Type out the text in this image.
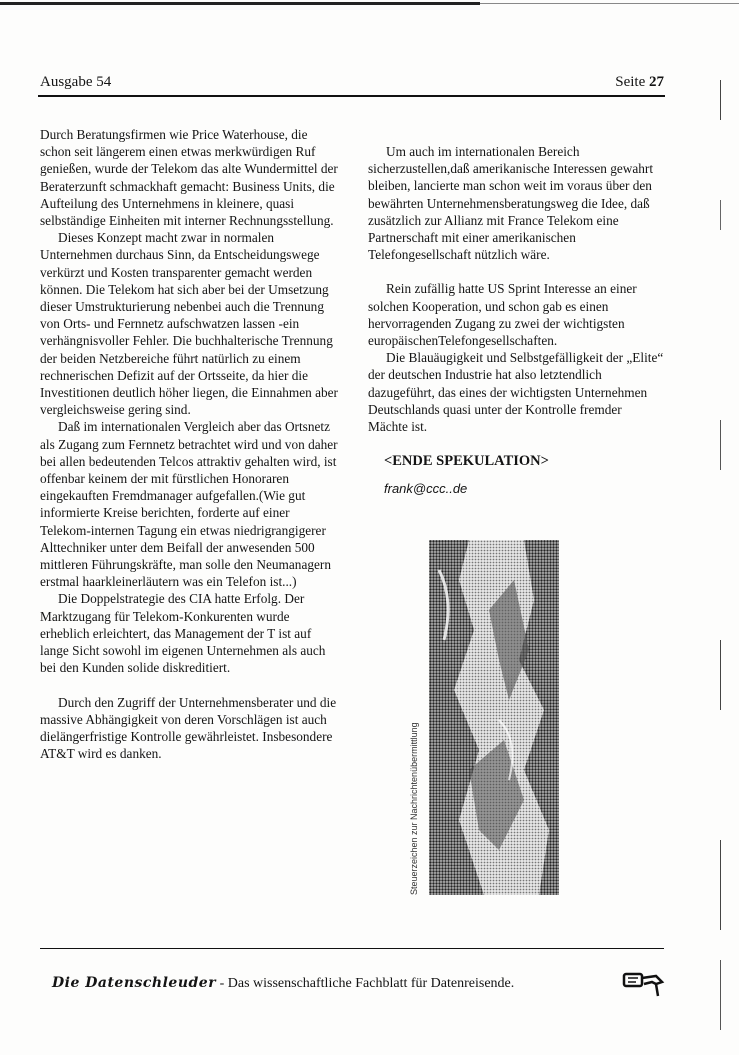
Ausgabe 54	Seite 27

Durch Beratungsfirmen wie Price Waterhouse, die schon seit längerem einen etwas merkwürdigen Ruf genießen, wurde der Telekom das alte Wundermittel der Beraterzunft schmackhaft gemacht: Business Units, die Aufteilung des Unternehmens in kleinere, quasi selbständige Einheiten mit interner Rechnungsstellung.

Dieses Konzept macht zwar in normalen Unternehmen durchaus Sinn, da Entscheidungswege verkürzt und Kosten transparenter gemacht werden können. Die Telekom hat sich aber bei der Umsetzung dieser Umstrukturierung nebenbei auch die Trennung von Orts- und Fernnetz aufschwatzen lassen -ein verhängnisvoller Fehler. Die buchhalterische Trennung der beiden Netzbereiche führt natürlich zu einem rechnerischen Defizit auf der Ortsseite, da hier die Investitionen deutlich höher liegen, die Einnahmen aber vergleichsweise gering sind.

Daß im internationalen Vergleich aber das Ortsnetz als Zugang zum Fernnetz betrachtet wird und von daher bei allen bedeutenden Telcos attraktiv gehalten wird, ist offenbar keinem der mit fürstlichen Honoraren eingekauften Fremdmanager aufgefallen.(Wie gut informierte Kreise berichten, forderte auf einer Telekom-internen Tagung ein etwas niedrigrangigerer Alttechniker unter dem Beifall der anwesenden 500 mittleren Führungskräfte, man solle den Neumanagern erstmal haarkleinerläutern was ein Telefon ist...)

Die Doppelstrategie des CIA hatte Erfolg. Der Marktzugang für Telekom-Konkurenten wurde erheblich erleichtert, das Management der T ist auf lange Sicht sowohl im eigenen Unternehmen als auch bei den Kunden solide diskreditiert.

Durch den Zugriff der Unternehmensberater und die massive Abhängigkeit von deren Vorschlägen ist auch dielängerfristige Kontrolle gewährleistet. Insbesondere AT&T wird es danken.

Um auch im internationalen Bereich sicherzustellen,daß amerikanische Interessen gewahrt bleiben, lancierte man schon weit im voraus über den bewährten Unternehmensberatungsweg die Idee, daß zusätzlich zur Allianz mit France Telekom eine Partnerschaft mit einer amerikanischen Telefongesellschaft nützlich wäre.

Rein zufällig hatte US Sprint Interesse an einer solchen Kooperation, und schon gab es einen hervorragenden Zugang zu zwei der wichtigsten europäischenTelefongesellschaften.

Die Blauäugigkeit und Selbstgefälligkeit der „Elite“ der deutschen Industrie hat also letztendlich dazugeführt, das eines der wichtigsten Unternehmen Deutschlands quasi unter der Kontrolle fremder Mächte ist.

<ENDE SPEKULATION>

frank@ccc..de

Steuerzeichen zur Nachrichtenübermittlung
Die Datenschleuder - Das wissenschaftliche Fachblatt für Datenreisende.
